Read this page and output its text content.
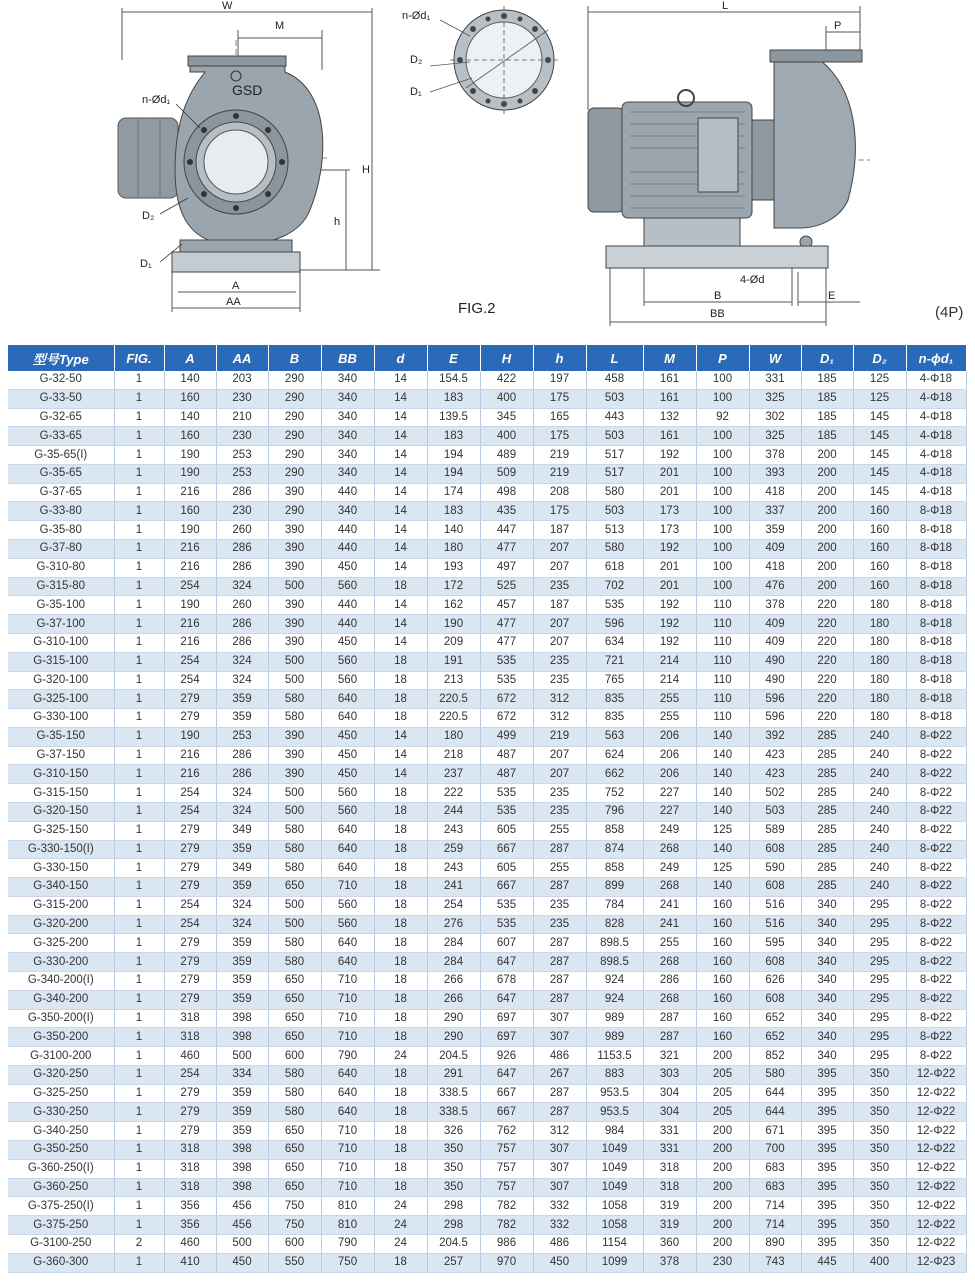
W
M
GSD
n-Ød₁
H
h
D₂
D₁
A
AA
n-Ød₁
D₂
D₁
L
P
4-Ød
B
BB
E
FIG.2	(4P)
型号Type	FIG.	A	AA	B	BB	d	E	H	h	L	M	P	W	D₁	D₂	n-ϕd₁
G-32-50	1	140	203	290	340	14	154.5	422	197	458	161	100	331	185	125	4-Φ18
G-33-50	1	160	230	290	340	14	183	400	175	503	161	100	325	185	125	4-Φ18
G-32-65	1	140	210	290	340	14	139.5	345	165	443	132	92	302	185	145	4-Φ18
G-33-65	1	160	230	290	340	14	183	400	175	503	161	100	325	185	145	4-Φ18
G-35-65(I)	1	190	253	290	340	14	194	489	219	517	192	100	378	200	145	4-Φ18
G-35-65	1	190	253	290	340	14	194	509	219	517	201	100	393	200	145	4-Φ18
G-37-65	1	216	286	390	440	14	174	498	208	580	201	100	418	200	145	4-Φ18
G-33-80	1	160	230	290	340	14	183	435	175	503	173	100	337	200	160	8-Φ18
G-35-80	1	190	260	390	440	14	140	447	187	513	173	100	359	200	160	8-Φ18
G-37-80	1	216	286	390	440	14	180	477	207	580	192	100	409	200	160	8-Φ18
G-310-80	1	216	286	390	450	14	193	497	207	618	201	100	418	200	160	8-Φ18
G-315-80	1	254	324	500	560	18	172	525	235	702	201	100	476	200	160	8-Φ18
G-35-100	1	190	260	390	440	14	162	457	187	535	192	110	378	220	180	8-Φ18
G-37-100	1	216	286	390	440	14	190	477	207	596	192	110	409	220	180	8-Φ18
G-310-100	1	216	286	390	450	14	209	477	207	634	192	110	409	220	180	8-Φ18
G-315-100	1	254	324	500	560	18	191	535	235	721	214	110	490	220	180	8-Φ18
G-320-100	1	254	324	500	560	18	213	535	235	765	214	110	490	220	180	8-Φ18
G-325-100	1	279	359	580	640	18	220.5	672	312	835	255	110	596	220	180	8-Φ18
G-330-100	1	279	359	580	640	18	220.5	672	312	835	255	110	596	220	180	8-Φ18
G-35-150	1	190	253	390	450	14	180	499	219	563	206	140	392	285	240	8-Φ22
G-37-150	1	216	286	390	450	14	218	487	207	624	206	140	423	285	240	8-Φ22
G-310-150	1	216	286	390	450	14	237	487	207	662	206	140	423	285	240	8-Φ22
G-315-150	1	254	324	500	560	18	222	535	235	752	227	140	502	285	240	8-Φ22
G-320-150	1	254	324	500	560	18	244	535	235	796	227	140	503	285	240	8-Φ22
G-325-150	1	279	349	580	640	18	243	605	255	858	249	125	589	285	240	8-Φ22
G-330-150(I)	1	279	359	580	640	18	259	667	287	874	268	140	608	285	240	8-Φ22
G-330-150	1	279	349	580	640	18	243	605	255	858	249	125	590	285	240	8-Φ22
G-340-150	1	279	359	650	710	18	241	667	287	899	268	140	608	285	240	8-Φ22
G-315-200	1	254	324	500	560	18	254	535	235	784	241	160	516	340	295	8-Φ22
G-320-200	1	254	324	500	560	18	276	535	235	828	241	160	516	340	295	8-Φ22
G-325-200	1	279	359	580	640	18	284	607	287	898.5	255	160	595	340	295	8-Φ22
G-330-200	1	279	359	580	640	18	284	647	287	898.5	268	160	608	340	295	8-Φ22
G-340-200(I)	1	279	359	650	710	18	266	678	287	924	286	160	626	340	295	8-Φ22
G-340-200	1	279	359	650	710	18	266	647	287	924	268	160	608	340	295	8-Φ22
G-350-200(I)	1	318	398	650	710	18	290	697	307	989	287	160	652	340	295	8-Φ22
G-350-200	1	318	398	650	710	18	290	697	307	989	287	160	652	340	295	8-Φ22
G-3100-200	1	460	500	600	790	24	204.5	926	486	1153.5	321	200	852	340	295	8-Φ22
G-320-250	1	254	334	580	640	18	291	647	267	883	303	205	580	395	350	12-Φ22
G-325-250	1	279	359	580	640	18	338.5	667	287	953.5	304	205	644	395	350	12-Φ22
G-330-250	1	279	359	580	640	18	338.5	667	287	953.5	304	205	644	395	350	12-Φ22
G-340-250	1	279	359	650	710	18	326	762	312	984	331	200	671	395	350	12-Φ22
G-350-250	1	318	398	650	710	18	350	757	307	1049	331	200	700	395	350	12-Φ22
G-360-250(I)	1	318	398	650	710	18	350	757	307	1049	318	200	683	395	350	12-Φ22
G-360-250	1	318	398	650	710	18	350	757	307	1049	318	200	683	395	350	12-Φ22
G-375-250(I)	1	356	456	750	810	24	298	782	332	1058	319	200	714	395	350	12-Φ22
G-375-250	1	356	456	750	810	24	298	782	332	1058	319	200	714	395	350	12-Φ22
G-3100-250	2	460	500	600	790	24	204.5	986	486	1154	360	200	890	395	350	12-Φ22
G-360-300	1	410	450	550	750	18	257	970	450	1099	378	230	743	445	400	12-Φ23
